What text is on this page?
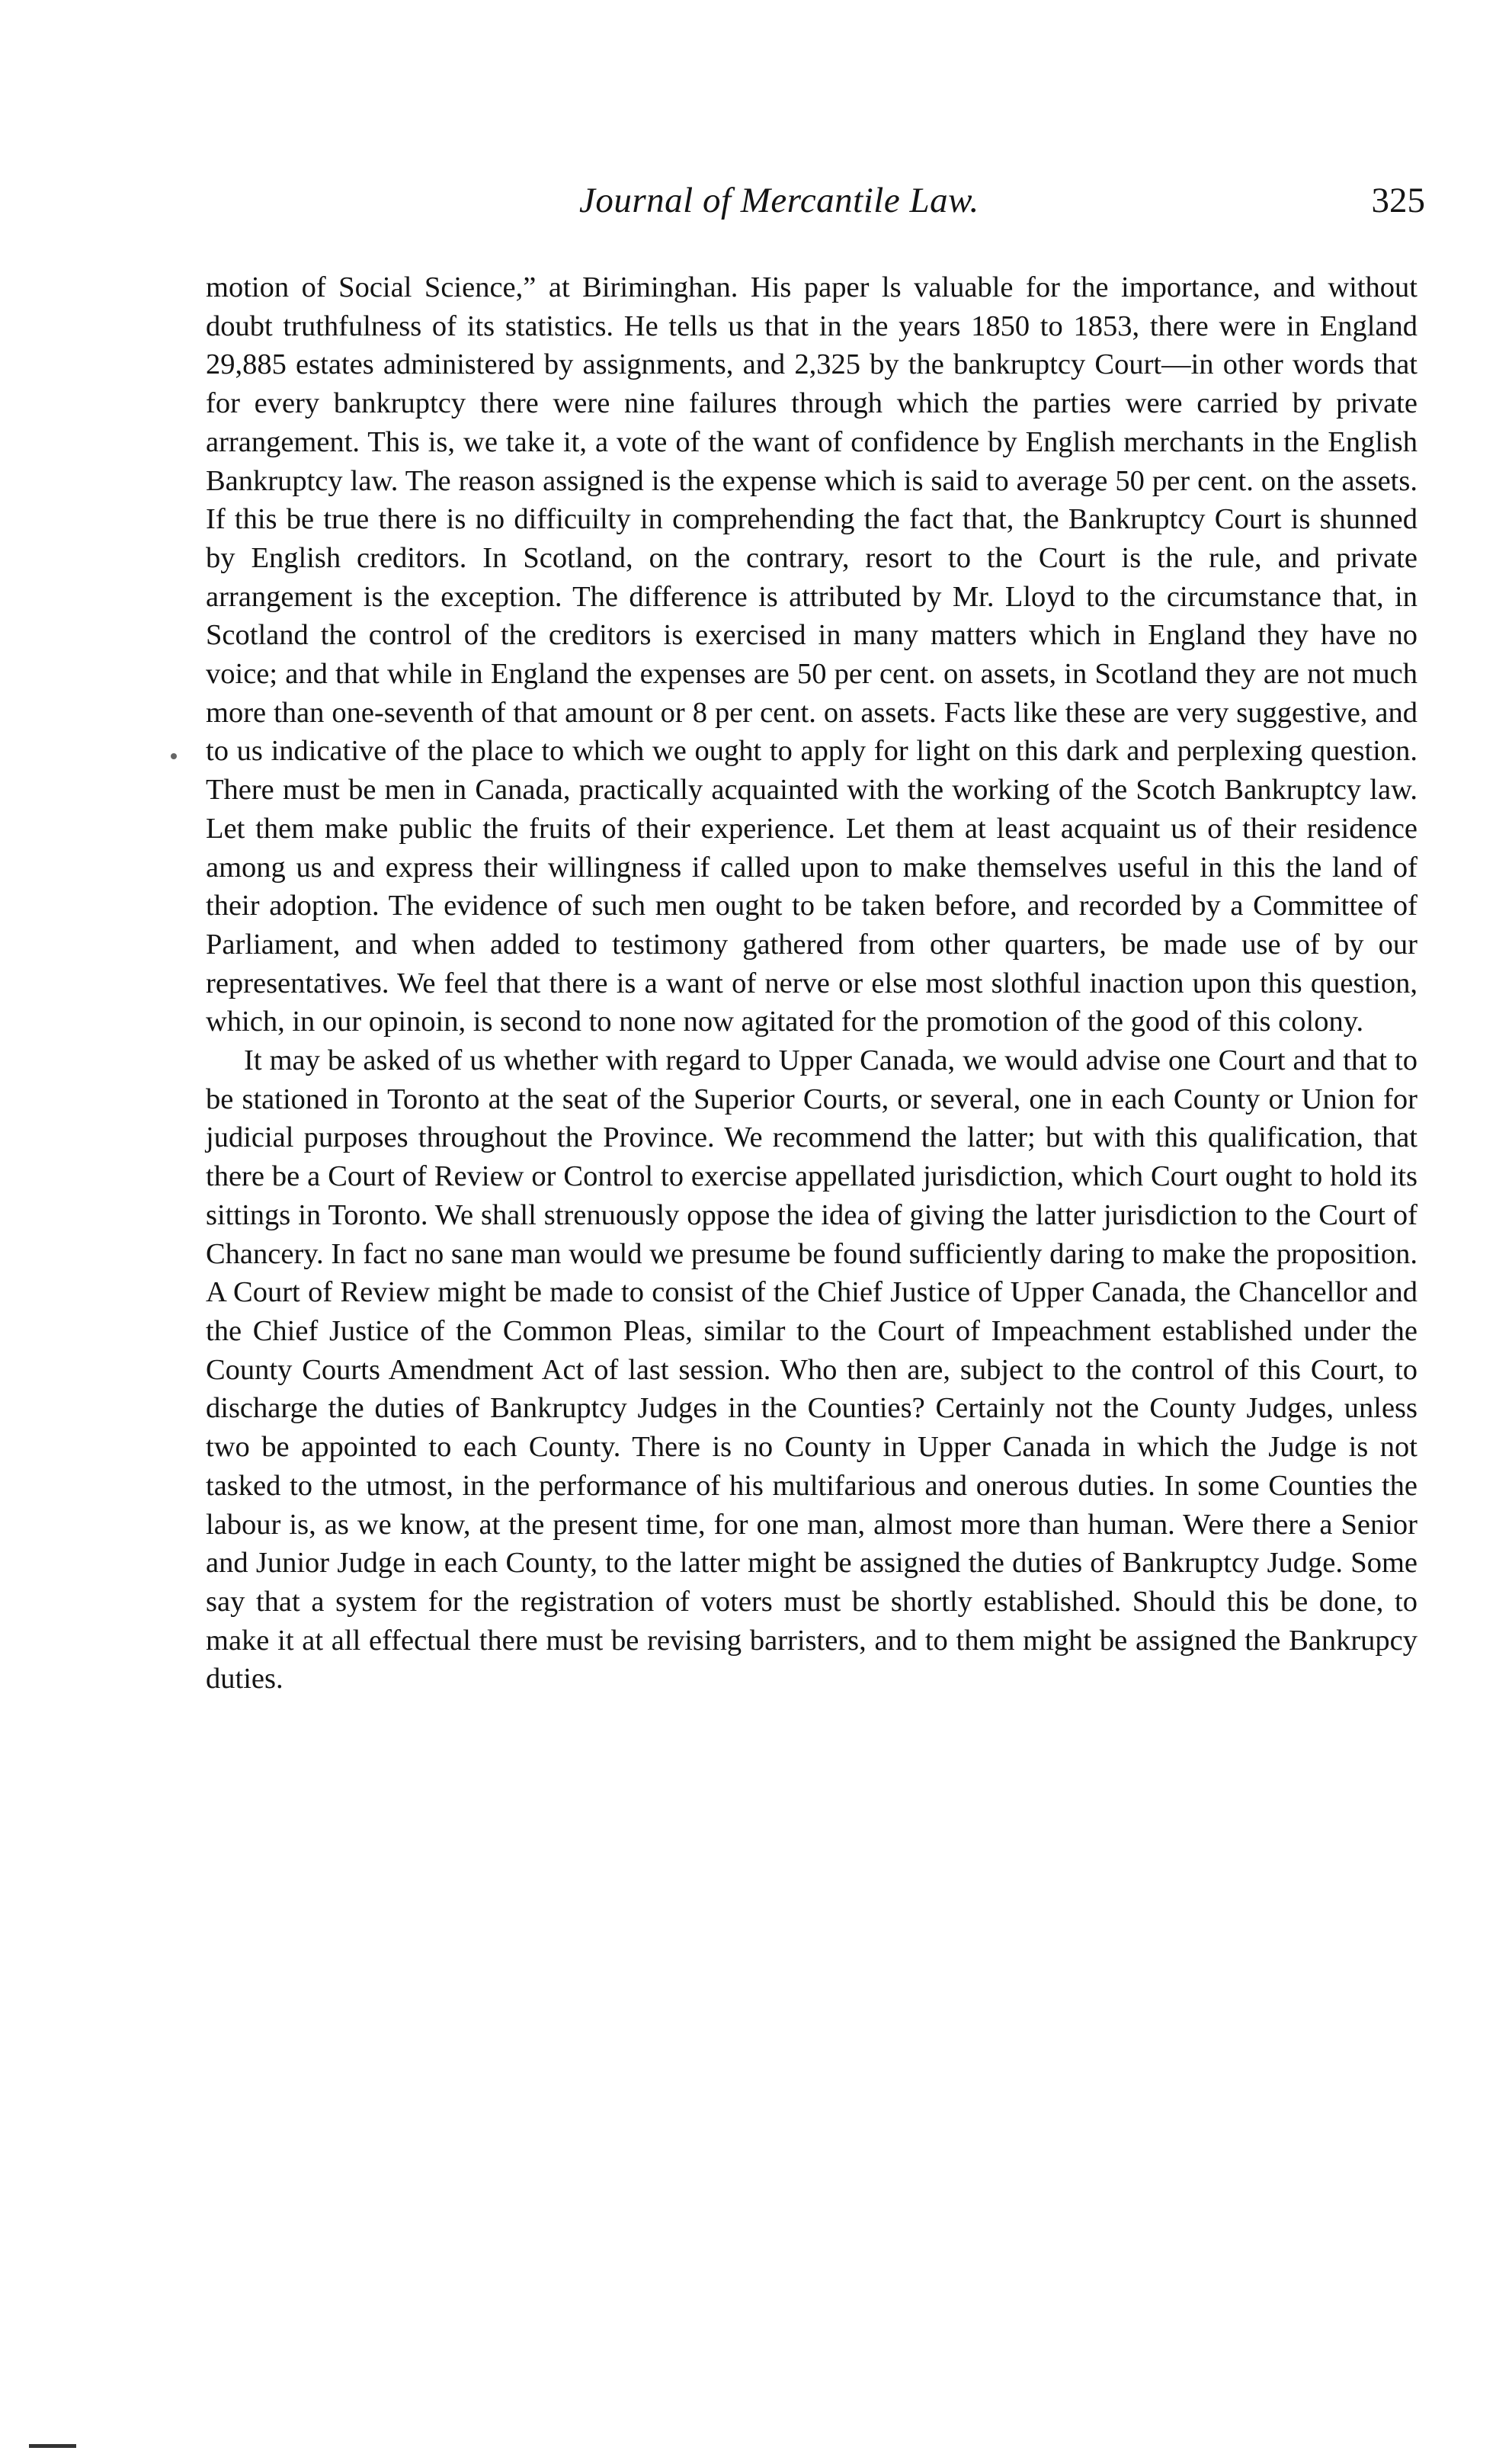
Journal of Mercantile Law.	325

motion of Social Science,” at Biriminghan. His paper ls valuable for the importance, and without doubt truthfulness of its statistics. He tells us that in the years 1850 to 1853, there were in England 29,885 estates administered by assignments, and 2,325 by the bankruptcy Court—in other words that for every bankruptcy there were nine failures through which the parties were carried by private arrangement. This is, we take it, a vote of the want of confidence by English merchants in the English Bankruptcy law. The reason assigned is the expense which is said to average 50 per cent. on the assets. If this be true there is no difficuilty in comprehending the fact that, the Bankruptcy Court is shunned by English creditors. In Scotland, on the contrary, resort to the Court is the rule, and private arrangement is the exception. The difference is attributed by Mr. Lloyd to the circumstance that, in Scotland the control of the creditors is exercised in many matters which in England they have no voice; and that while in England the expenses are 50 per cent. on assets, in Scotland they are not much more than one-seventh of that amount or 8 per cent. on assets. Facts like these are very suggestive, and to us indicative of the place to which we ought to apply for light on this dark and perplexing question. There must be men in Canada, practically acquainted with the working of the Scotch Bankruptcy law. Let them make public the fruits of their experience. Let them at least acquaint us of their residence among us and express their willingness if called upon to make themselves useful in this the land of their adoption. The evidence of such men ought to be taken before, and recorded by a Committee of Parliament, and when added to testimony gathered from other quarters, be made use of by our representatives. We feel that there is a want of nerve or else most slothful inaction upon this question, which, in our opinoin, is second to none now agitated for the promotion of the good of this colony.

It may be asked of us whether with regard to Upper Canada, we would advise one Court and that to be stationed in Toronto at the seat of the Superior Courts, or several, one in each County or Union for judicial purposes throughout the Province. We recommend the latter; but with this qualification, that there be a Court of Review or Control to exercise appellated jurisdiction, which Court ought to hold its sittings in Toronto. We shall strenuously oppose the idea of giving the latter jurisdiction to the Court of Chancery. In fact no sane man would we presume be found sufficiently daring to make the proposition. A Court of Review might be made to consist of the Chief Justice of Upper Canada, the Chancellor and the Chief Justice of the Common Pleas, similar to the Court of Impeachment established under the County Courts Amendment Act of last session. Who then are, subject to the control of this Court, to discharge the duties of Bankruptcy Judges in the Counties? Certainly not the County Judges, unless two be appointed to each County. There is no County in Upper Canada in which the Judge is not tasked to the utmost, in the performance of his multifarious and onerous duties. In some Counties the labour is, as we know, at the present time, for one man, almost more than human. Were there a Senior and Junior Judge in each County, to the latter might be assigned the duties of Bankruptcy Judge. Some say that a system for the registration of voters must be shortly established. Should this be done, to make it at all effectual there must be revising barristers, and to them might be assigned the Bankrupcy duties.
